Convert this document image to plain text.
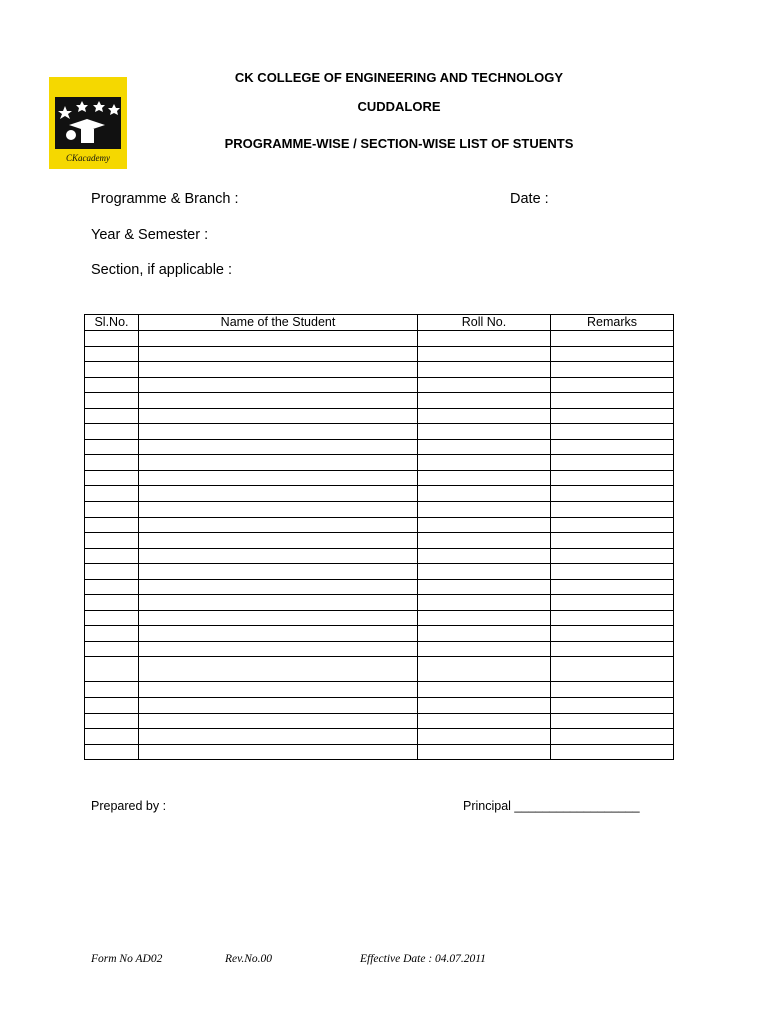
CKacademy
CK COLLEGE OF ENGINEERING AND TECHNOLOGY
CUDDALORE
PROGRAMME-WISE / SECTION-WISE LIST OF STUENTS
Programme & Branch :	Date :
Year & Semester :
Section, if applicable :
Sl.No.	Name of the Student	Roll No.	Remarks

Prepared by :	Principal __________________
Form No AD02	Rev.No.00	Effective Date : 04.07.2011
